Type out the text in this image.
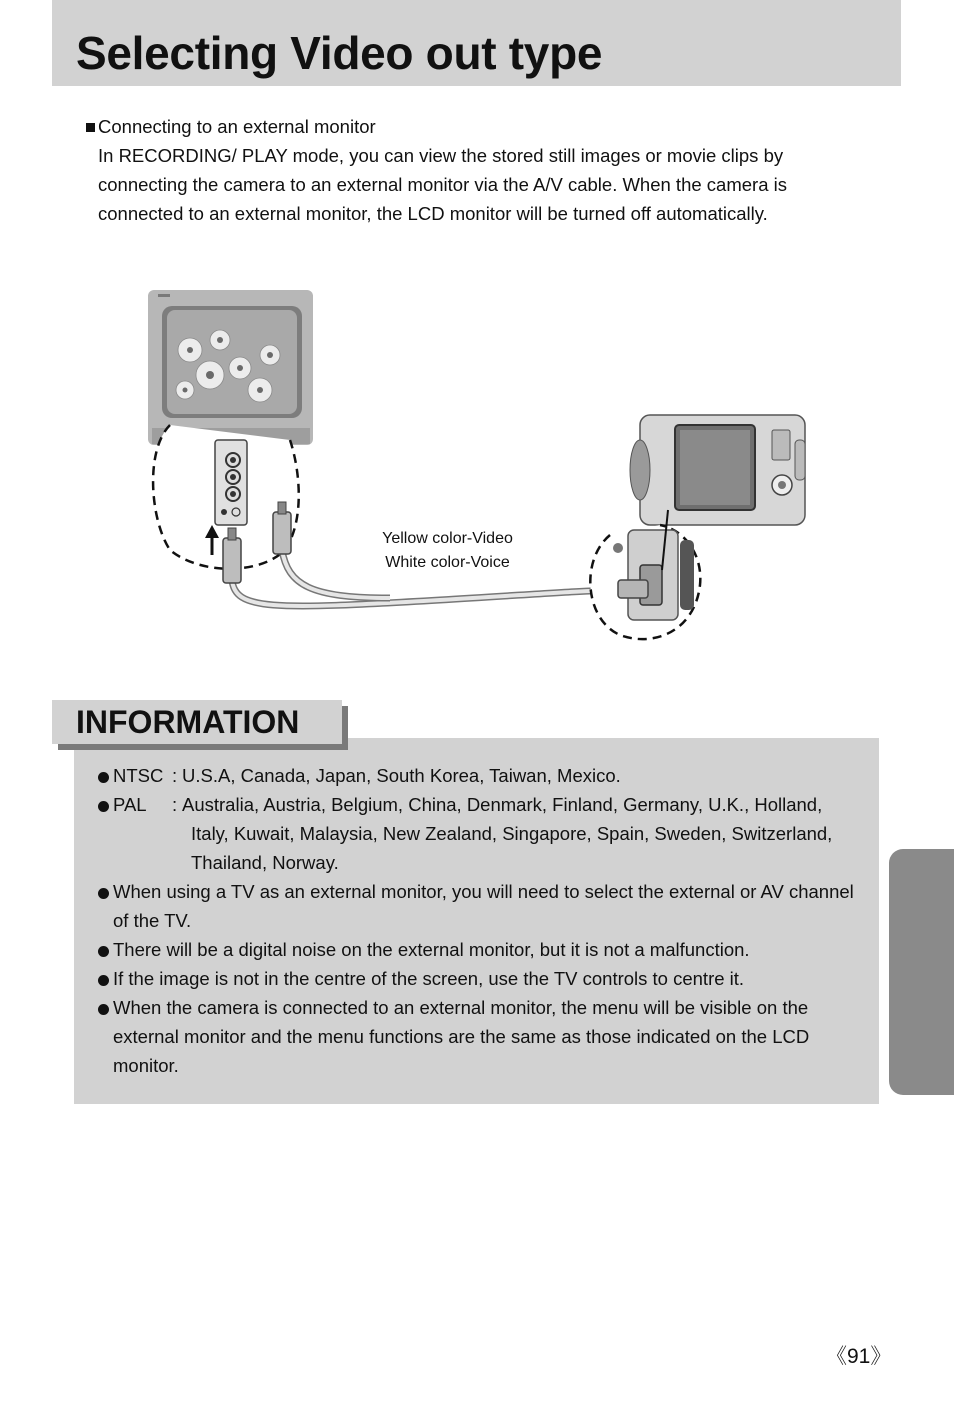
Selecting Video out type
Connecting to an external monitor
In RECORDING/ PLAY mode, you can view the stored still images or movie clips by
connecting the camera to an external monitor via the A/V cable. When the camera is
connected to an external monitor, the LCD monitor will be turned off automatically.
Yellow color-Video
White color-Voice
INFORMATION
NTSC : U.S.A, Canada, Japan, South Korea, Taiwan, Mexico.
PAL	: Australia, Austria, Belgium, China, Denmark, Finland, Germany, U.K., Holland, Italy, Kuwait, Malaysia, New Zealand, Singapore, Spain, Sweden, Switzerland, Thailand, Norway.
When using a TV as an external monitor, you will need to select the external or AV channel of the TV.
There will be a digital noise on the external monitor, but it is not a malfunction.
If the image is not in the centre of the screen, use the TV controls to centre it.
When the camera is connected to an external monitor, the menu will be visible on the external monitor and the menu functions are the same as those indicated on the LCD monitor.
《91》
